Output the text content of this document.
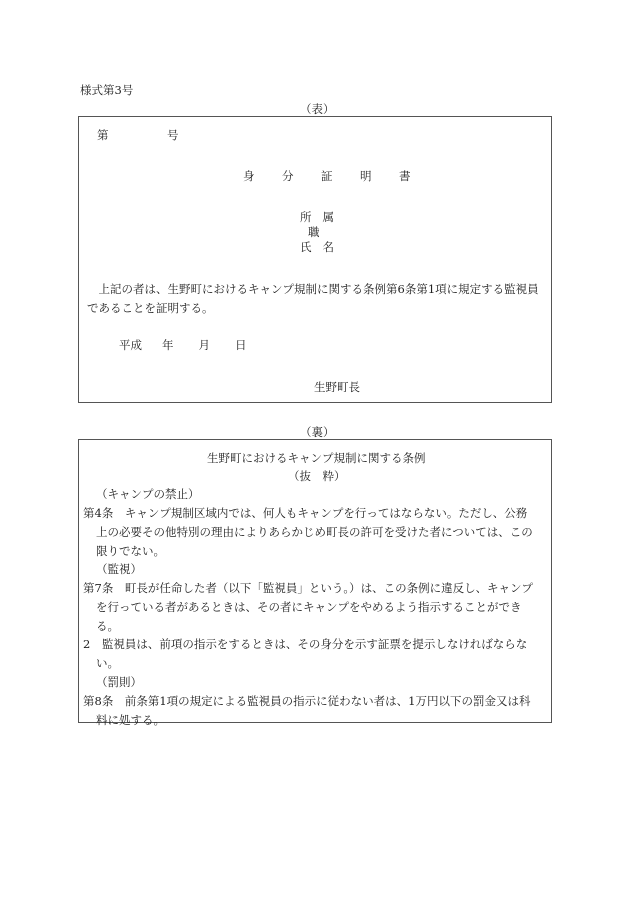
様式第3号
（表）
第	号
身 分 証 明 書
所 属
職
氏 名
上記の者は、生野町におけるキャンプ規制に関する条例第6条第1項に規定する監視員であることを証明する。
平成 年 月 日
生野町長
（裏）
生野町におけるキャンプ規制に関する条例
（抜　粋）
（キャンプの禁止）
第4条　キャンプ規制区域内では、何人もキャンプを行ってはならない。ただし、公務
上の必要その他特別の理由によりあらかじめ町長の許可を受けた者については、この
限りでない。
（監視）
第7条　町長が任命した者（以下「監視員」という。）は、この条例に違反し、キャンプ
を行っている者があるときは、その者にキャンプをやめるよう指示することができ
る。
2　監視員は、前項の指示をするときは、その身分を示す証票を提示しなければならな
い。
（罰則）
第8条　前条第1項の規定による監視員の指示に従わない者は、1万円以下の罰金又は科
料に処する。
